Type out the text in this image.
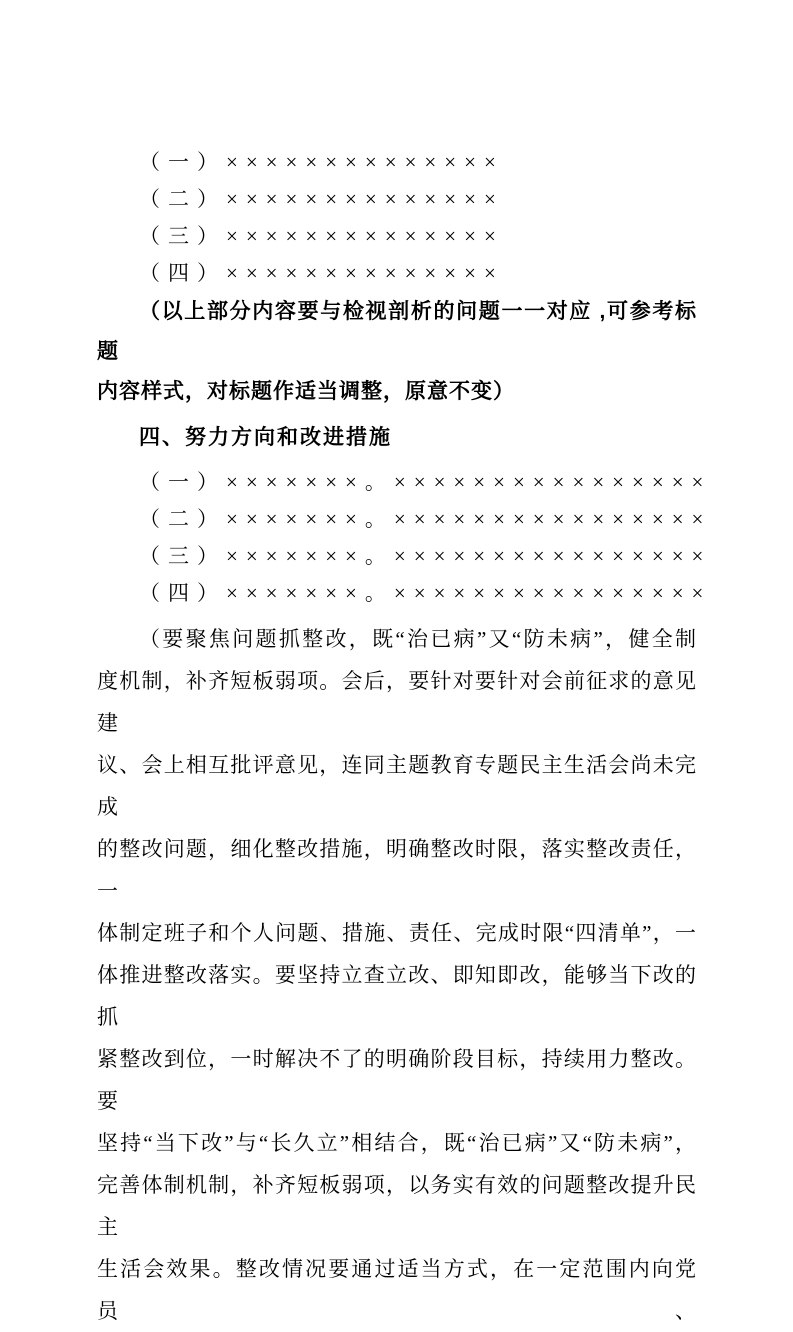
（一）××××××××××××××
（二）××××××××××××××
（三）××××××××××××××
（四）××××××××××××××
（以上部分内容要与检视剖析的问题一一对应 ,可参考标题
内容样式，对标题作适当调整，原意不变）
四、努力方向和改进措施
（一）×××××××。××××××××××××××××
（二）×××××××。××××××××××××××××
（三）×××××××。××××××××××××××××
（四）×××××××。××××××××××××××××
（要聚焦问题抓整改，既“治已病”又“防未病”，健全制
度机制，补齐短板弱项。会后，要针对要针对会前征求的意见建
议、会上相互批评意见，连同主题教育专题民主生活会尚未完成
的整改问题，细化整改措施，明确整改时限，落实整改责任，一
体制定班子和个人问题、措施、责任、完成时限“四清单”，一
体推进整改落实。要坚持立查立改、即知即改，能够当下改的抓
紧整改到位，一时解决不了的明确阶段目标，持续用力整改。要
坚持“当下改”与“长久立”相结合，既“治已病”又“防未病”，
完善体制机制，补齐短板弱项，以务实有效的问题整改提升民主
生活会效果。整改情况要通过适当方式，在一定范围内向党员、
